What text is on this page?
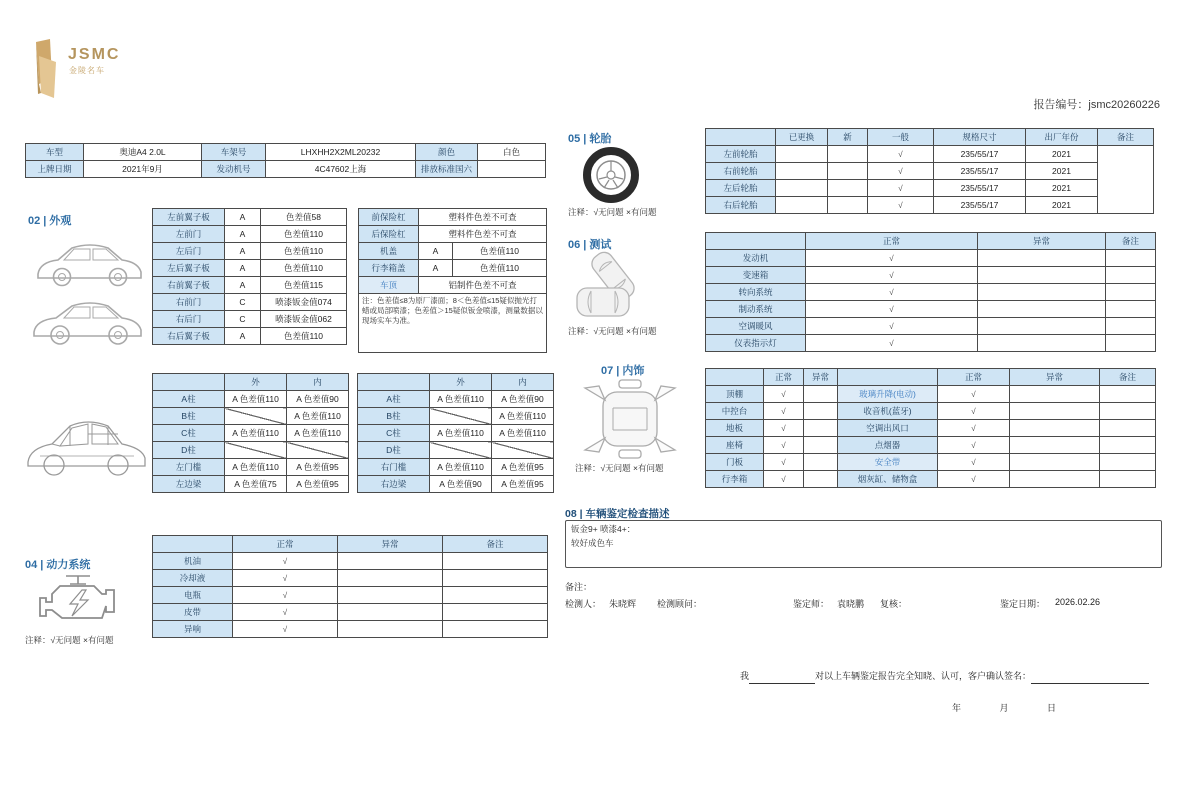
JSMC
金陵名车
报告编号：jsmc20260226
车型	奥迪A4 2.0L	车架号	LHXHH2X2ML20232	颜色	白色
上牌日期	2021年9月	发动机号	4C47602上海	排放标准国六	
02 | 外观	左前翼子板	A	色差值58
左前门	A	色差值110
左后门	A	色差值110
左后翼子板	A	色差值110
右前翼子板	A	色差值115
右前门	C	喷漆钣金值074
右后门	C	喷漆钣金值062
右后翼子板	A	色差值110
前保险杠	塑料件色差不可查	
后保险杠	塑料件色差不可查	
机盖	A	色差值110
行李箱盖	A	色差值110
车顶	铝制件色差不可查	
注：色差值≤8为原厂漆面；8＜色差值≤15疑似抛光打蜡或局部喷漆；色差值＞15疑似钣金喷漆，测量数据以现场实车为准。		
	外	内
A柱	A 色差值110	A 色差值90
B柱		A 色差值110
C柱	A 色差值110	A 色差值110
D柱		
左门槛	A 色差值110	A 色差值95
左边梁	A 色差值75	A 色差值95
	外	内
A柱	A 色差值110	A 色差值90
B柱		A 色差值110
C柱	A 色差值110	A 色差值110
D柱		
右门槛	A 色差值110	A 色差值95
右边梁	A 色差值90	A 色差值95
04 | 动力系统
注释：√无问题 ×有问题
	正常	异常	备注
机油	√		
冷却液	√		
电瓶	√		
皮带	√		
异响	√		
05 | 轮胎
注释：√无问题 ×有问题
	已更换	新	一般	规格尺寸	出厂年份	备注
左前轮胎			√	235/55/17	2021	
右前轮胎			√	235/55/17	2021	
左后轮胎			√	235/55/17	2021	
右后轮胎			√	235/55/17	2021	
06 | 测试
注释：√无问题 ×有问题
	正常	异常	备注
发动机	√		
变速箱	√		
转向系统	√		
制动系统	√		
空调暖风	√		
仪表指示灯	√		
07 | 内饰
注释：√无问题 ×有问题
	正常	异常		正常	异常	备注
顶棚	√		玻璃升降(电动)	√		
中控台	√		收音机(蓝牙)	√		
地板	√		空调出风口	√		
座椅	√		点烟器	√		
门板	√		安全带	√		
行李箱	√		烟灰缸、储物盒	√		
08 | 车辆鉴定检查描述
钣金9+ 喷漆4+：
较好成色车
备注：
检测人： 朱晓辉 检测顾问：	鉴定师： 袁晓鹏 复核：	鉴定日期： 2026.02.26
我	对以上车辆鉴定报告完全知晓、认可，客户确认签名：
年	月	日
